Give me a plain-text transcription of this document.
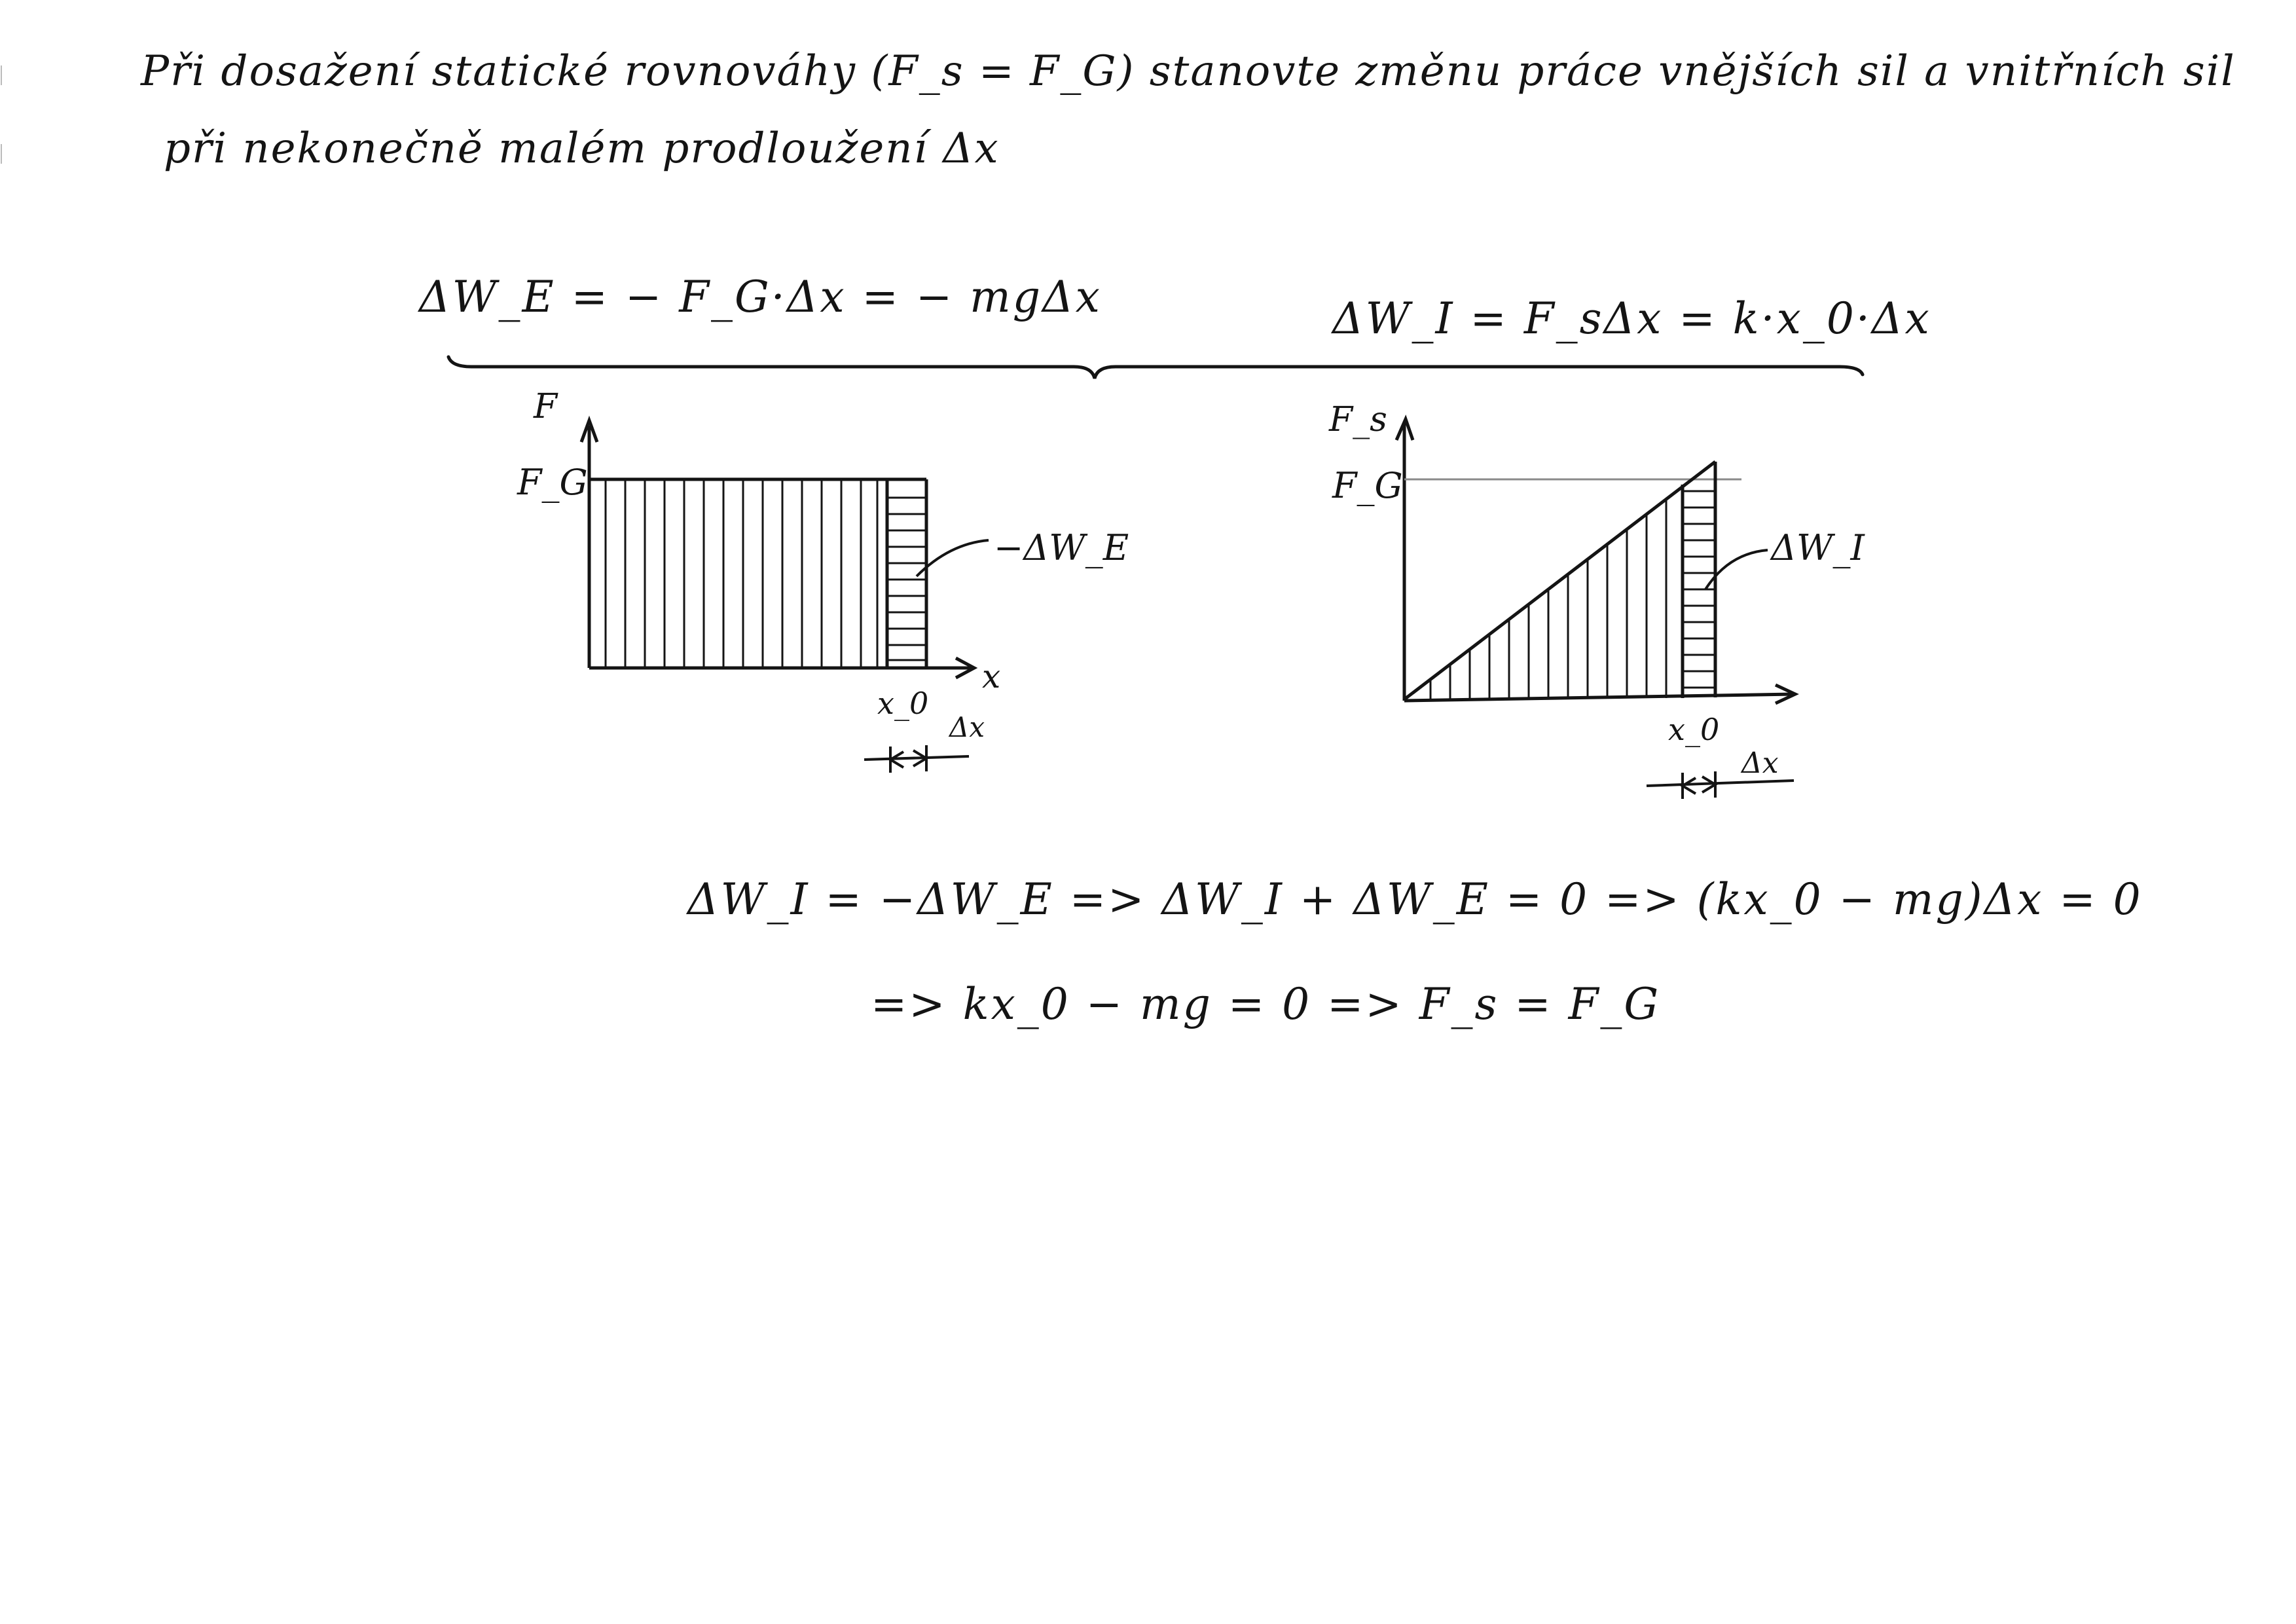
Při dosažení statické rovnováhy (F_s = F_G) stanovte změnu práce vnějších sil a vnitřních sil
při nekonečně malém prodloužení Δx
ΔW_E = − F_G·Δx = − mgΔx	ΔW_I = F_sΔx = k·x_0·Δx
F
F_G
−ΔW_E
x
x_0
Δx
F_s
F_G
ΔW_I
x_0
Δx
ΔW_I = −ΔW_E => ΔW_I + ΔW_E = 0 => (kx_0 − mg)Δx = 0
=> kx_0 − mg = 0 => F_s = F_G
